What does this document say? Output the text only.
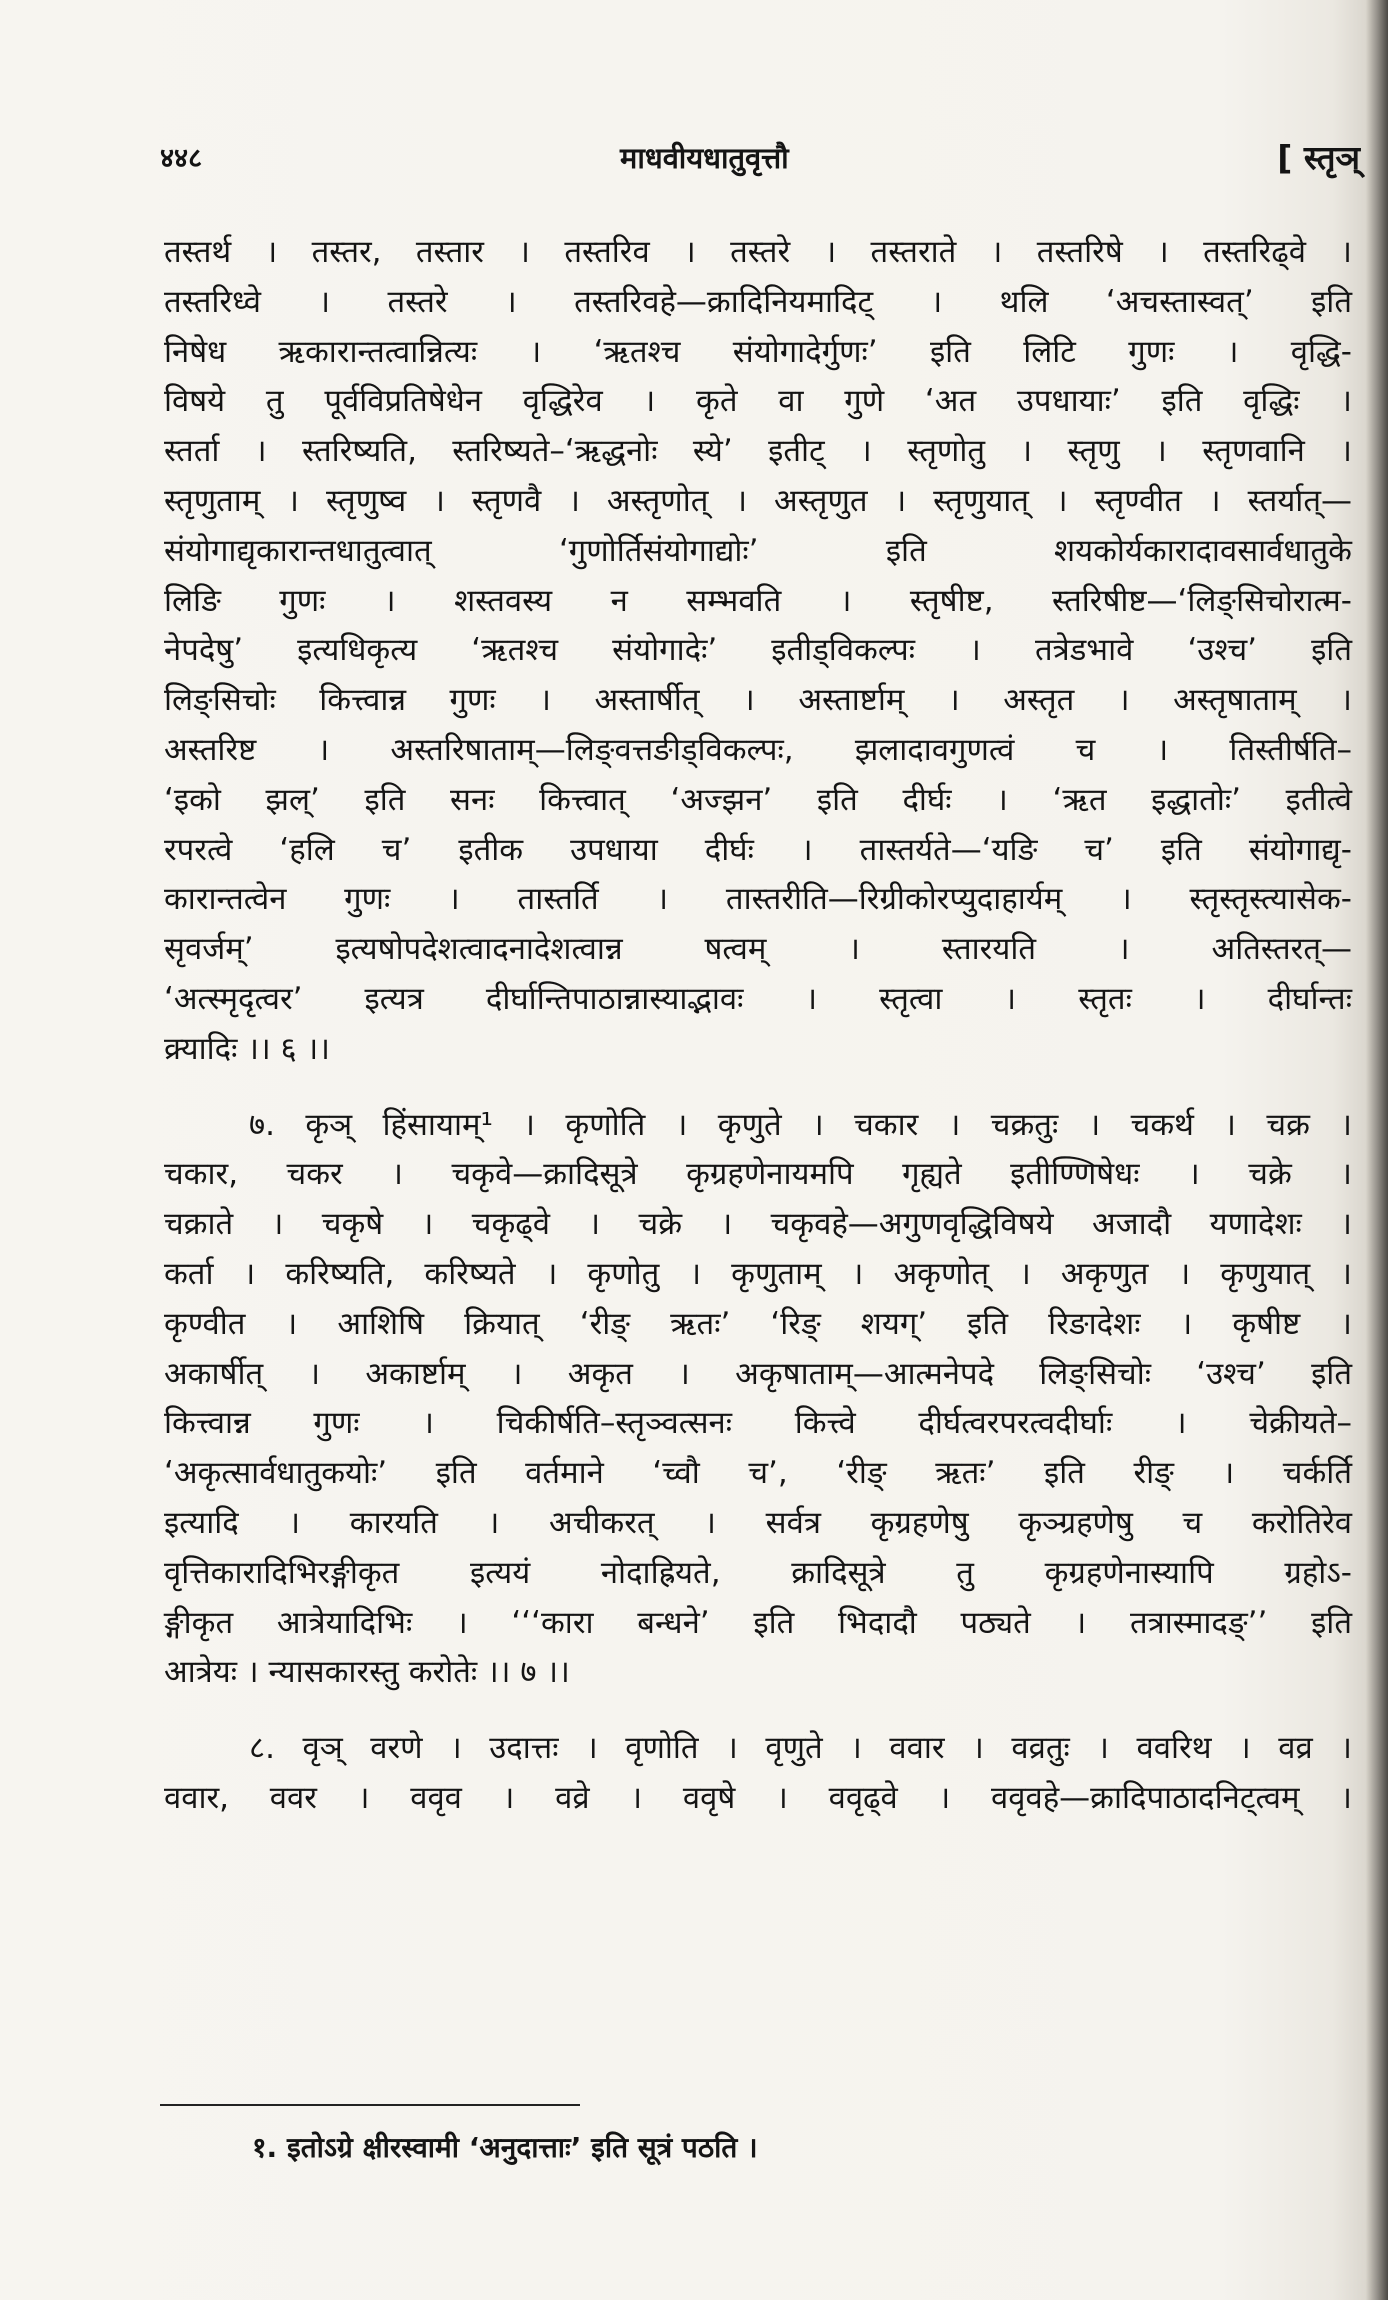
४४८	माधवीयधातुवृत्तौ	[ स्तृञ्

तस्तर्थ । तस्तर, तस्तार । तस्तरिव । तस्तरे । तस्तराते । तस्तरिषे । तस्तरिढ्वे ।
तस्तरिध्वे । तस्तरे । तस्तरिवहे—क्रादिनियमादिट् । थलि ‘अचस्तास्वत्’ इति
निषेध ऋकारान्तत्वान्नित्यः । ‘ऋतश्च संयोगादेर्गुणः’ इति लिटि गुणः । वृद्धि-
विषये तु पूर्वविप्रतिषेधेन वृद्धिरेव । कृते वा गुणे ‘अत उपधायाः’ इति वृद्धिः ।
स्तर्ता । स्तरिष्यति, स्तरिष्यते–‘ऋद्धनोः स्ये’ इतीट् । स्तृणोतु । स्तृणु । स्तृणवानि ।
स्तृणुताम् । स्तृणुष्व । स्तृणवै । अस्तृणोत् । अस्तृणुत । स्तृणुयात् । स्तृण्वीत । स्तर्यात्—
संयोगाद्यृकारान्तधातुत्वात् ‘गुणोर्तिसंयोगाद्योः’ इति शयकोर्यकारादावसार्वधातुके
लिङि गुणः । शस्तवस्य न सम्भवति । स्तृषीष्ट, स्तरिषीष्ट—‘लिङ्सिचोरात्म-
नेपदेषु’ इत्यधिकृत्य ‘ऋतश्च संयोगादेः’ इतीड्विकल्पः । तत्रेडभावे ‘उश्च’ इति
लिङ्सिचोः कित्त्वान्न गुणः । अस्तार्षीत् । अस्तार्ष्टाम् । अस्तृत । अस्तृषाताम् ।
अस्तरिष्ट । अस्तरिषाताम्—लिङ्वत्तङीड्विकल्पः, झलादावगुणत्वं च । तिस्तीर्षति–
‘इको झल्’ इति सनः कित्त्वात् ‘अज्झन’ इति दीर्घः । ‘ऋत इद्धातोः’ इतीत्वे
रपरत्वे ‘हलि च’ इतीक उपधाया दीर्घः । तास्तर्यते—‘यङि च’ इति संयोगाद्यृ-
कारान्तत्वेन गुणः । तास्तर्ति । तास्तरीति—रिग्रीकोरप्युदाहार्यम् । स्तृस्तृस्त्यासेक-
सृवर्जम्’ इत्यषोपदेशत्वादनादेशत्वान्न षत्वम् । स्तारयति । अतिस्तरत्—
‘अत्स्मृदृत्वर’ इत्यत्र दीर्घान्तिपाठान्नास्याद्भावः । स्तृत्वा । स्तृतः । दीर्घान्तः
क्र्यादिः ।। ६ ।।

७. कृञ् हिंसायाम्¹ । कृणोति । कृणुते । चकार । चक्रतुः । चकर्थ । चक्र ।
चकार, चकर । चकृवे—क्रादिसूत्रे कृग्रहणेनायमपि गृह्यते इतीण्णिषेधः । चक्रे ।
चक्राते । चकृषे । चकृढ्वे । चक्रे । चकृवहे—अगुणवृद्धिविषये अजादौ यणादेशः ।
कर्ता । करिष्यति, करिष्यते । कृणोतु । कृणुताम् । अकृणोत् । अकृणुत । कृणुयात् ।
कृण्वीत । आशिषि क्रियात् ‘रीङ् ऋतः’ ‘रिङ् शयग्’ इति रिङादेशः । कृषीष्ट ।
अकार्षीत् । अकार्ष्टाम् । अकृत । अकृषाताम्—आत्मनेपदे लिङ्सिचोः ‘उश्च’ इति
कित्त्वान्न गुणः । चिकीर्षति–स्तृञ्वत्सनः कित्त्वे दीर्घत्वरपरत्वदीर्घाः । चेक्रीयते–
‘अकृत्सार्वधातुकयोः’ इति वर्तमाने ‘च्वौ च’, ‘रीङ् ऋतः’ इति रीङ् । चर्कर्ति
इत्यादि । कारयति । अचीकरत् । सर्वत्र कृग्रहणेषु कृञ्ग्रहणेषु च करोतिरेव
वृत्तिकारादिभिरङ्गीकृत इत्ययं नोदाह्रियते, क्रादिसूत्रे तु कृग्रहणेनास्यापि ग्रहोऽ-
ङ्गीकृत आत्रेयादिभिः । ‘‘‘कारा बन्धने’ इति भिदादौ पठ्यते । तत्रास्मादङ्’’ इति
आत्रेयः । न्यासकारस्तु करोतेः ।। ७ ।।

८. वृञ् वरणे । उदात्तः । वृणोति । वृणुते । ववार । वव्रतुः । ववरिथ । वव्र ।
ववार, ववर । ववृव । वव्रे । ववृषे । ववृढ्वे । ववृवहे—क्रादिपाठादनिट्त्वम् ।

१. इतोऽग्रे क्षीरस्वामी ‘अनुदात्ताः’ इति सूत्रं पठति ।
